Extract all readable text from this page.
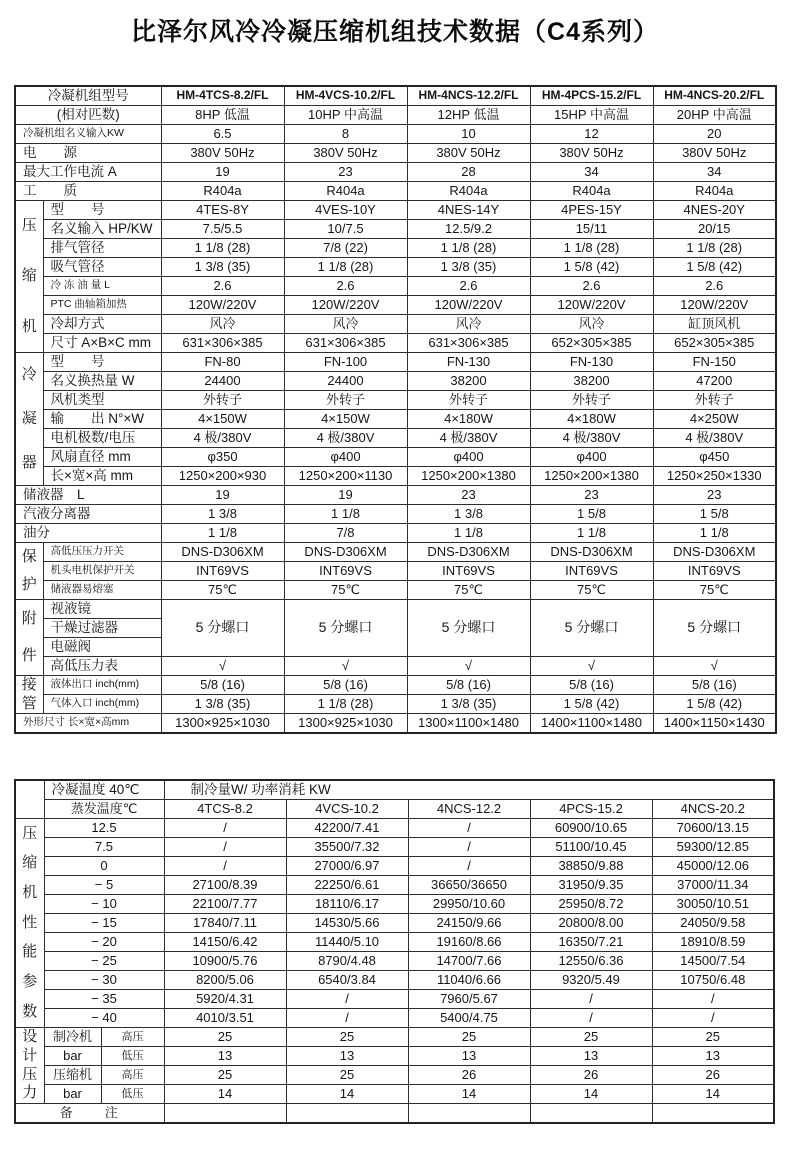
比泽尔风冷冷凝压缩机组技术数据（C4系列）
冷凝机组型号		HM-4TCS-8.2/FL	HM-4VCS-10.2/FL	HM-4NCS-12.2/FL	HM-4PCS-15.2/FL	HM-4NCS-20.2/FL
(相对匹数)		8HP 低温	10HP 中高温	12HP 低温	15HP 中高温	20HP 中高温
冷凝机组名义输入KW		6.5	8	10	12	20
电　　源		380V 50Hz	380V 50Hz	380V 50Hz	380V 50Hz	380V 50Hz
最大工作电流 A		19	23	28	34	34
工　　质		R404a	R404a	R404a	R404a	R404a

压
缩
机	型　　号	4TES-8Y	4VES-10Y	4NES-14Y	4PES-15Y	4NES-20Y
	名义输入 HP/KW	7.5/5.5	10/7.5	12.5/9.2	15/11	20/15
	排气管径	1 1/8 (28)	7/8 (22)	1 1/8 (28)	1 1/8 (28)	1 1/8 (28)
	吸气管径	1 3/8 (35)	1 1/8 (28)	1 3/8 (35)	1 5/8 (42)	1 5/8 (42)
	冷 冻 油 量 L	2.6	2.6	2.6	2.6	2.6
	PTC 曲轴箱加热	120W/220V	120W/220V	120W/220V	120W/220V	120W/220V
	冷却方式	风冷	风冷	风冷	风冷	缸顶风机
	尺寸 A×B×C mm	631×306×385	631×306×385	631×306×385	652×305×385	652×305×385

冷
凝
器	型　　号	FN-80	FN-100	FN-130	FN-130	FN-150
	名义换热量 W	24400	24400	38200	38200	47200
	风机类型	外转子	外转子	外转子	外转子	外转子
	输　　出 N°×W	4×150W	4×150W	4×180W	4×180W	4×250W
	电机极数/电压	4 极/380V	4 极/380V	4 极/380V	4 极/380V	4 极/380V
	风扇直径 mm	φ350	φ400	φ400	φ400	φ450
	长×宽×高 mm	1250×200×930	1250×200×1130	1250×200×1380	1250×200×1380	1250×250×1330
储液器　L		19	19	23	23	23
汽液分离器		1 3/8	1 1/8	1 3/8	1 5/8	1 5/8
油分		1 1/8	7/8	1 1/8	1 1/8	1 1/8

保
护	高低压压力开关	DNS-D306XM	DNS-D306XM	DNS-D306XM	DNS-D306XM	DNS-D306XM
	机头电机保护开关	INT69VS	INT69VS	INT69VS	INT69VS	INT69VS
	储液器易熔塞	75℃	75℃	75℃	75℃	75℃

附
件	视液镜	5 分螺口	5 分螺口	5 分螺口	5 分螺口	5 分螺口
	干燥过滤器					
	电磁阀					
	高低压力表	√	√	√	√	√

接
管	液体出口 inch(mm)	5/8 (16)	5/8 (16)	5/8 (16)	5/8 (16)	5/8 (16)
	气体入口 inch(mm)	1 3/8 (35)	1 1/8 (28)	1 3/8 (35)	1 5/8 (42)	1 5/8 (42)
外形尺寸 长×宽×高mm		1300×925×1030	1300×925×1030	1300×1100×1480	1400×1100×1480	1400×1150×1430
	冷凝温度 40℃		制冷量W/ 功率消耗 KW				
	蒸发温度℃		4TCS-8.2	4VCS-10.2	4NCS-12.2	4PCS-15.2	4NCS-20.2

压
缩
机
性
能
参
数
	12.5	/	42200/7.41	/	60900/10.65	70600/13.15
	7.5		/	35500/7.32	/	51100/10.45	59300/12.85
	0		/	27000/6.97	/	38850/9.88	45000/12.06
	− 5		27100/8.39	22250/6.61	36650/36650	31950/9.35	37000/11.34
	− 10		22100/7.77	18110/6.17	29950/10.60	25950/8.72	30050/10.51
	− 15		17840/7.11	14530/5.66	24150/9.66	20800/8.00	24050/9.58
	− 20		14150/6.42	11440/5.10	19160/8.66	16350/7.21	18910/8.59
	− 25		10900/5.76	8790/4.48	14700/7.66	12550/6.36	14500/7.54
	− 30		8200/5.06	6540/3.84	11040/6.66	9320/5.49	10750/6.48
	− 35		5920/4.31	/	7960/5.67	/	/
	− 40		4010/3.51	/	5400/4.75	/	/

设
计
压
力	制冷机	高压	25	25	25	25	25
	bar	低压	13	13	13	13	13
	压缩机	高压	25	25	26	26	26
	bar	低压	14	14	14	14	14
备　　注							
